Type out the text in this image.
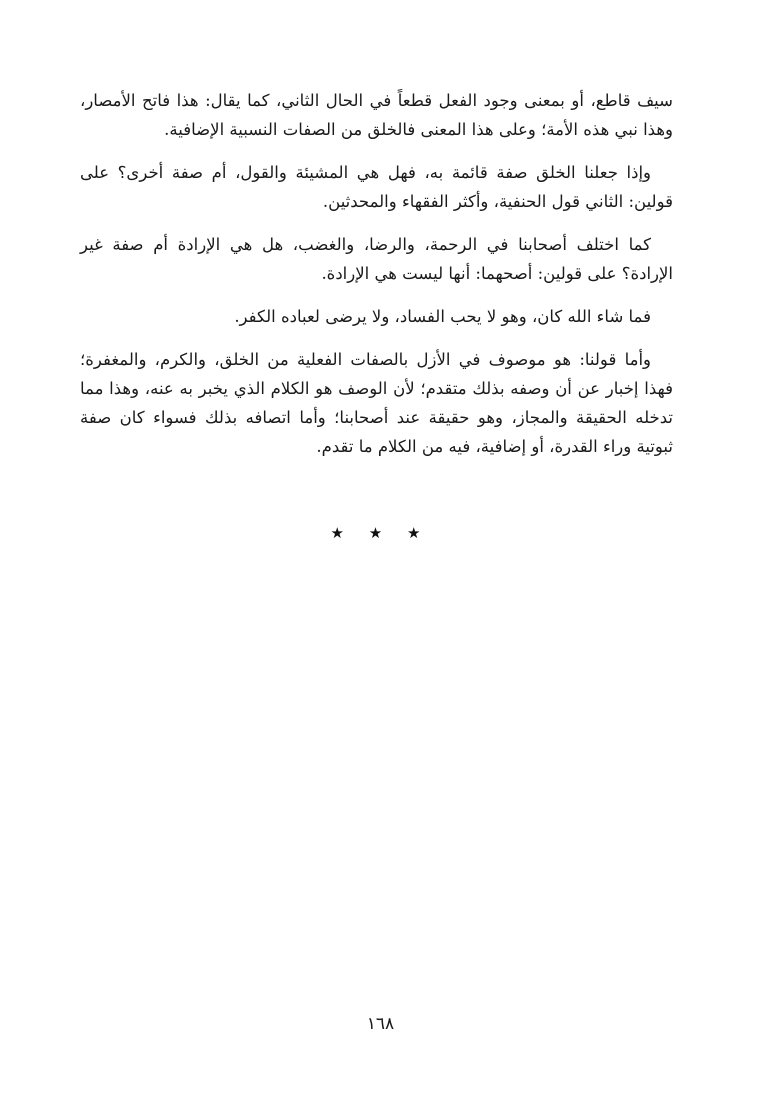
سيف قاطع، أو بمعنى وجود الفعل قطعاً في الحال الثاني، كما يقال: هذا فاتح الأمصار، وهذا نبي هذه الأمة؛ وعلى هذا المعنى فالخلق من الصفات النسبية الإضافية.

وإذا جعلنا الخلق صفة قائمة به، فهل هي المشيئة والقول، أم صفة أخرى؟ على قولين: الثاني قول الحنفية، وأكثر الفقهاء والمحدثين.

كما اختلف أصحابنا في الرحمة، والرضا، والغضب، هل هي الإرادة أم صفة غير الإرادة؟ على قولين: أصحهما: أنها ليست هي الإرادة.

فما شاء الله كان، وهو لا يحب الفساد، ولا يرضى لعباده الكفر.

وأما قولنا: هو موصوف في الأزل بالصفات الفعلية من الخلق، والكرم، والمغفرة؛ فهذا إخبار عن أن وصفه بذلك متقدم؛ لأن الوصف هو الكلام الذي يخبر به عنه، وهذا مما تدخله الحقيقة والمجاز، وهو حقيقة عند أصحابنا؛ وأما اتصافه بذلك فسواء كان صفة ثبوتية وراء القدرة، أو إضافية، فيه من الكلام ما تقدم.

★ ★ ★
١٦٨
